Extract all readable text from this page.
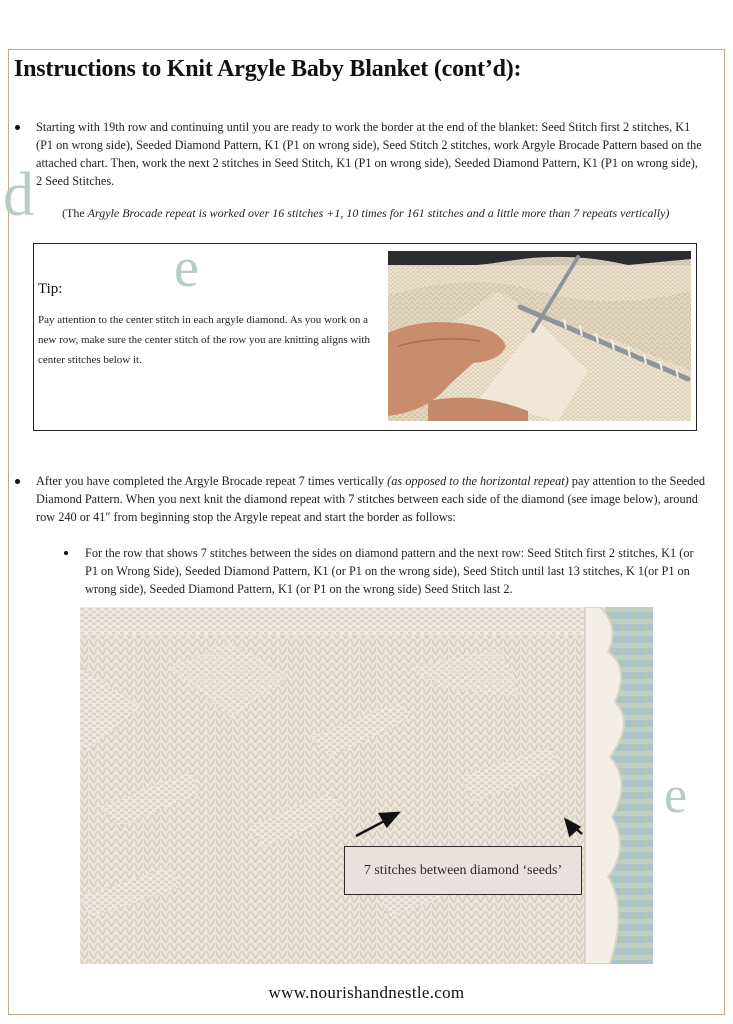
Instructions to Knit Argyle Baby Blanket (cont’d):
d

Starting with 19th row and continuing until you are ready to work the border at the end of the blanket: Seed Stitch first 2 stitches, K1 (P1 on wrong side), Seeded Diamond Pattern, K1 (P1 on wrong side), Seed Stitch 2 stitches, work Argyle Brocade Pattern based on the attached chart. Then, work the next 2 stitches in Seed Stitch, K1 (P1 on wrong side), Seeded Diamond Pattern, K1 (P1 on wrong side), 2 Seed Stitches.

(The Argyle Brocade repeat is worked over 16 stitches +1, 10 times for 161 stitches and a little more than 7 repeats vertically)

e
Tip:

Pay attention to the center stitch in each argyle diamond. As you work on a new row, make sure the center stitch of the row you are knitting aligns with center stitches below it.

After you have completed the Argyle Brocade repeat 7 times vertically (as opposed to the horizontal repeat) pay attention to the Seeded Diamond Pattern. When you next knit the diamond repeat with 7 stitches between each side of the diamond (see image below), around row 240 or 41″ from beginning stop the Argyle repeat and start the border as follows:

For the row that shows 7 stitches between the sides on diamond pattern and the next row: Seed Stitch first 2 stitches, K1 (or P1 on Wrong Side), Seeded Diamond Pattern, K1 (or P1 on the wrong side), Seed Stitch until last 13 stitches, K 1(or P1 on wrong side), Seeded Diamond Pattern, K1 (or P1 on the wrong side) Seed Stitch last 2.

7 stitches between diamond ‘seeds’
e
www.nourishandnestle.com
